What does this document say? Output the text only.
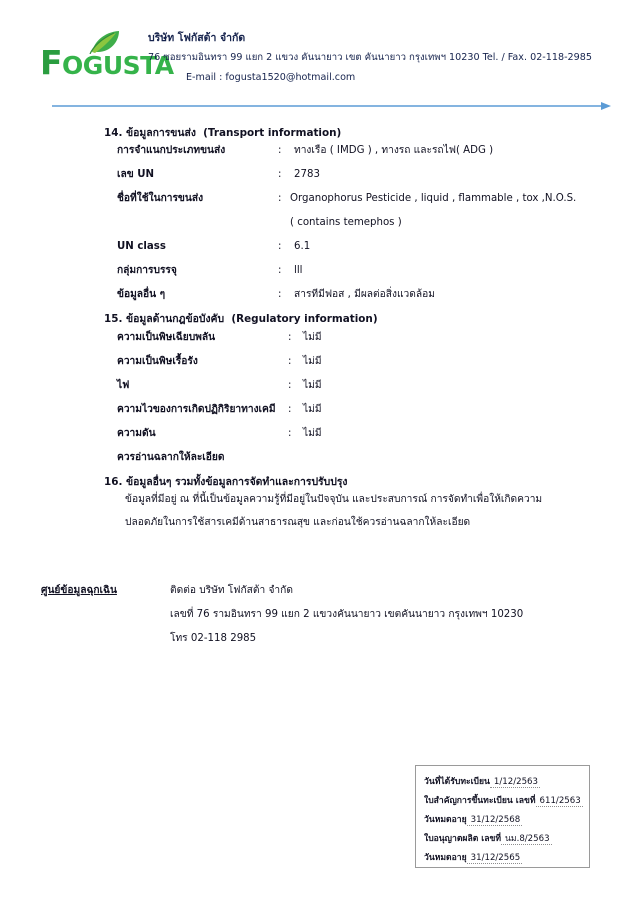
FOGUSTA
บริษัท โฟกัสต้า จำกัด
76 ซอยรามอินทรา 99 แยก 2 แขวง คันนายาว เขต คันนายาว กรุงเทพฯ 10230 Tel. / Fax. 02-118-2985
E-mail : fogusta1520@hotmail.com
14. ข้อมูลการขนส่ง (Transport information)
การจำแนกประเภทขนส่ง	: ทางเรือ ( IMDG ) , ทางรถ และรถไฟ( ADG )
เลข UN	: 2783
ชื่อที่ใช้ในการขนส่ง	: Organophorus Pesticide , liquid , flammable , tox ,N.O.S.
( contains temephos )
UN class	: 6.1
กลุ่มการบรรจุ	: lll
ข้อมูลอื่น ๆ	: สารทีมีฟอส , มีผลต่อสิ่งแวดล้อม
15. ข้อมูลด้านกฎข้อบังคับ (Regulatory information)
ความเป็นพิษเฉียบพลัน	: ไม่มี
ความเป็นพิษเรื้อรัง	: ไม่มี
ไฟ	: ไม่มี
ความไวของการเกิดปฏิกิริยาทางเคมี : ไม่มี
ความดัน	: ไม่มี
ควรอ่านฉลากให้ละเอียด
16. ข้อมูลอื่นๆ รวมทั้งข้อมูลการจัดทำและการปรับปรุง
ข้อมูลที่มีอยู่ ณ ที่นี้เป็นข้อมูลความรู้ที่มีอยู่ในปัจจุบัน และประสบการณ์ การจัดทำเพื่อให้เกิดความ
ปลอดภัยในการใช้สารเคมีด้านสาธารณสุข และก่อนใช้ควรอ่านฉลากให้ละเอียด
ศูนย์ข้อมูลฉุกเฉิน	ติดต่อ บริษัท โฟกัสต้า จำกัด
เลขที่ 76 รามอินทรา 99 แยก 2 แขวงคันนายาว เขตคันนายาว กรุงเทพฯ 10230
โทร 02-118 2985
วันที่ได้รับทะเบียน 1/12/2563
ใบสำคัญการขึ้นทะเบียน เลขที่ 611/2563
วันหมดอายุ 31/12/2568
ใบอนุญาตผลิต เลขที่ นม.8/2563
วันหมดอายุ 31/12/2565
